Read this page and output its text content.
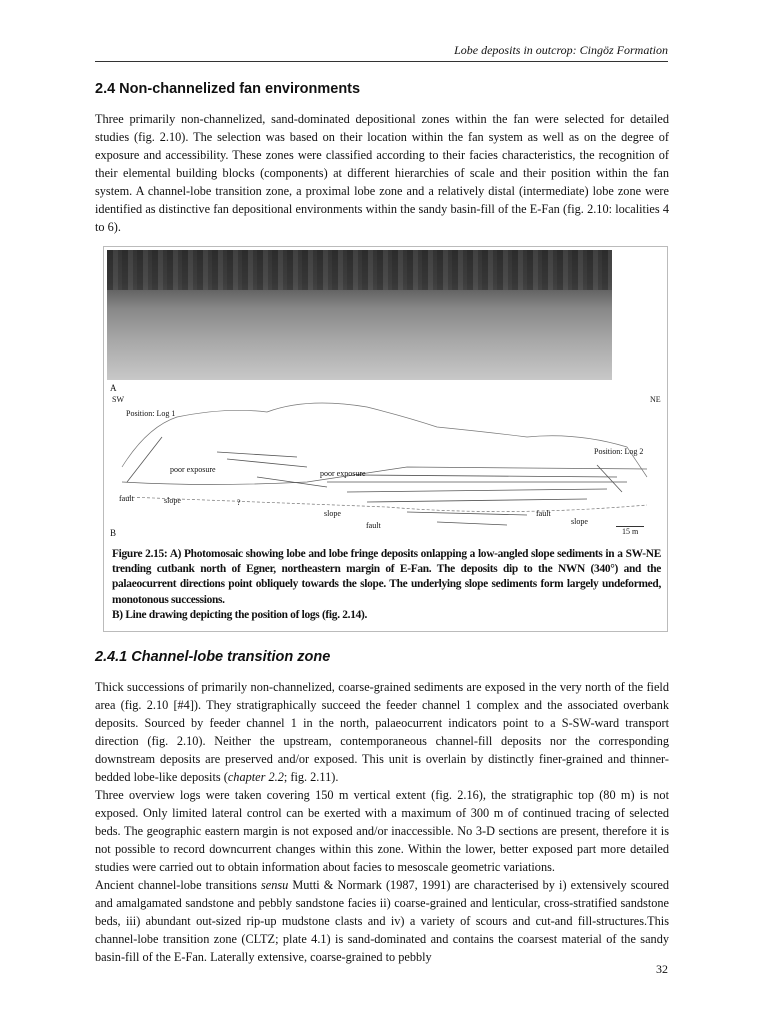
Lobe deposits in outcrop: Cingöz Formation
2.4 Non-channelized fan environments

Three primarily non-channelized, sand-dominated depositional zones within the fan were selected for detailed studies (fig. 2.10). The selection was based on their location within the fan system as well as on the degree of exposure and accessibility. These zones were classified according to their facies characteristics, the recognition of their elemental building blocks (components) at different hierarchies of scale and their position within the fan system. A channel-lobe transition zone, a proximal lobe zone and a relatively distal (intermediate) lobe zone were identified as distinctive fan depositional environments within the sandy basin-fill of the E-Fan (fig. 2.10: localities 4 to 6).

A
SW	NE
Position: Log 1
Position: Log 2
poor exposure	poor exposure
fault	slope	?
slope
fault
fault
slope
15 m
B
Figure 2.15: A) Photomosaic showing lobe and lobe fringe deposits onlapping a low-angled slope sediments in a SW-NE trending cutbank north of Egner, northeastern margin of E-Fan. The deposits dip to the NWN (340°) and the palaeocurrent directions point obliquely towards the slope. The underlying slope sediments form largely undeformed, monotonous successions.
B) Line drawing depicting the position of logs (fig. 2.14).
2.4.1 Channel-lobe transition zone

Thick successions of primarily non-channelized, coarse-grained sediments are exposed in the very north of the field area (fig. 2.10 [#4]). They stratigraphically succeed the feeder channel 1 complex and the associated overbank deposits. Sourced by feeder channel 1 in the north, palaeocurrent indicators point to a S-SW-ward transport direction (fig. 2.10). Neither the upstream, contemporaneous channel-fill deposits nor the corresponding downstream deposits are preserved and/or exposed. This unit is overlain by distinctly finer-grained and thinner-bedded lobe-like deposits (chapter 2.2; fig. 2.11).

Three overview logs were taken covering 150 m vertical extent (fig. 2.16), the stratigraphic top (80 m) is not exposed. Only limited lateral control can be exerted with a maximum of 300 m of continued tracing of selected beds. The geographic eastern margin is not exposed and/or inaccessible. No 3-D sections are present, therefore it is not possible to record downcurrent changes within this zone. Within the lower, better exposed part more detailed studies were carried out to obtain information about facies to mesoscale geometric variations.

Ancient channel-lobe transitions sensu Mutti & Normark (1987, 1991) are characterised by i) extensively scoured and amalgamated sandstone and pebbly sandstone facies ii) coarse-grained and lenticular, cross-stratified sandstone beds, iii) abundant out-sized rip-up mudstone clasts and iv) a variety of scours and cut-and fill-structures.This channel-lobe transition zone (CLTZ; plate 4.1) is sand-dominated and contains the coarsest material of the sandy basin-fill of the E-Fan. Laterally extensive, coarse-grained to pebbly

32
